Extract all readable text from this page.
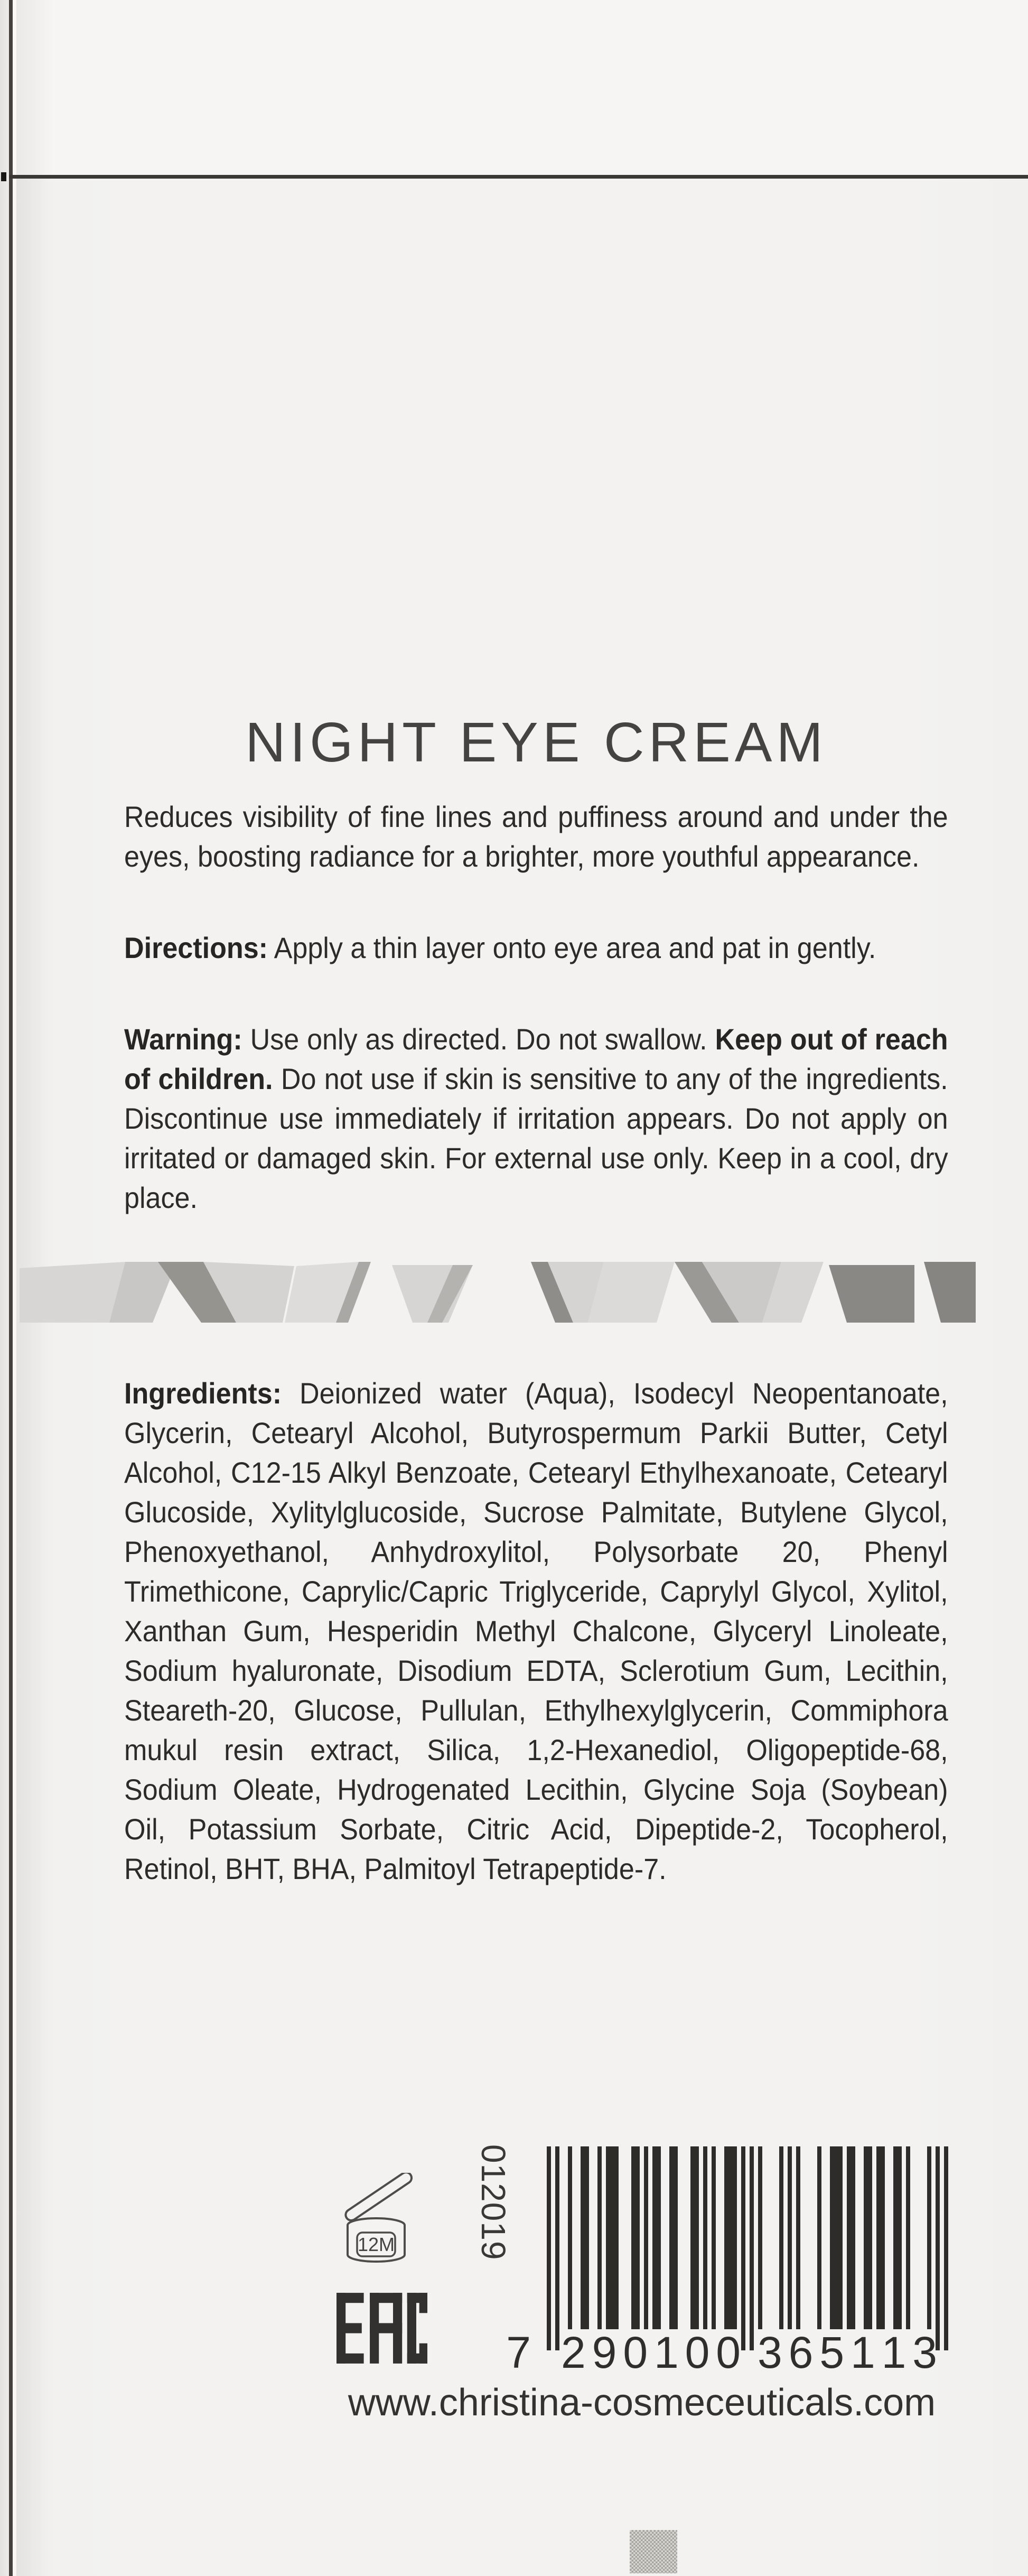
NIGHT EYE CREAM

Reduces visibility of fine lines and puffiness around and under the eyes, boosting radiance for a brighter, more youthful appearance.

Directions: Apply a thin layer onto eye area and pat in gently.

Warning: Use only as directed. Do not swallow. Keep out of reach of children. Do not use if skin is sensitive to any of the ingredients. Discontinue use immediately if irritation appears. Do not apply on irritated or damaged skin. For external use only. Keep in a cool, dry place.

Ingredients: Deionized water (Aqua), Isodecyl Neopentanoate, Glycerin, Cetearyl Alcohol, Butyrospermum Parkii Butter, Cetyl Alcohol, C12-15 Alkyl Benzoate, Cetearyl Ethylhexanoate, Cetearyl Glucoside, Xylitylglucoside, Sucrose Palmitate, Butylene Glycol, Phenoxyethanol, Anhydroxylitol, Polysorbate 20, Phenyl Trimethicone, Caprylic/Capric Triglyceride, Caprylyl Glycol, Xylitol, Xanthan Gum, Hesperidin Methyl Chalcone, Glyceryl Linoleate, Sodium hyaluronate, Disodium EDTA, Sclerotium Gum, Lecithin, Steareth-20, Glucose, Pullulan, Ethylhexylglycerin, Commiphora mukul resin extract, Silica, 1,2-Hexanediol, Oligopeptide-68, Sodium Oleate, Hydrogenated Lecithin, Glycine Soja (Soybean) Oil, Potassium Sorbate, Citric Acid, Dipeptide-2, Tocopherol, Retinol, BHT, BHA, Palmitoyl Tetrapeptide-7.

12M 012019
7 2 9 0 1 0 0 3 6 5 1 1 3
www.christina-cosmeceuticals.com
